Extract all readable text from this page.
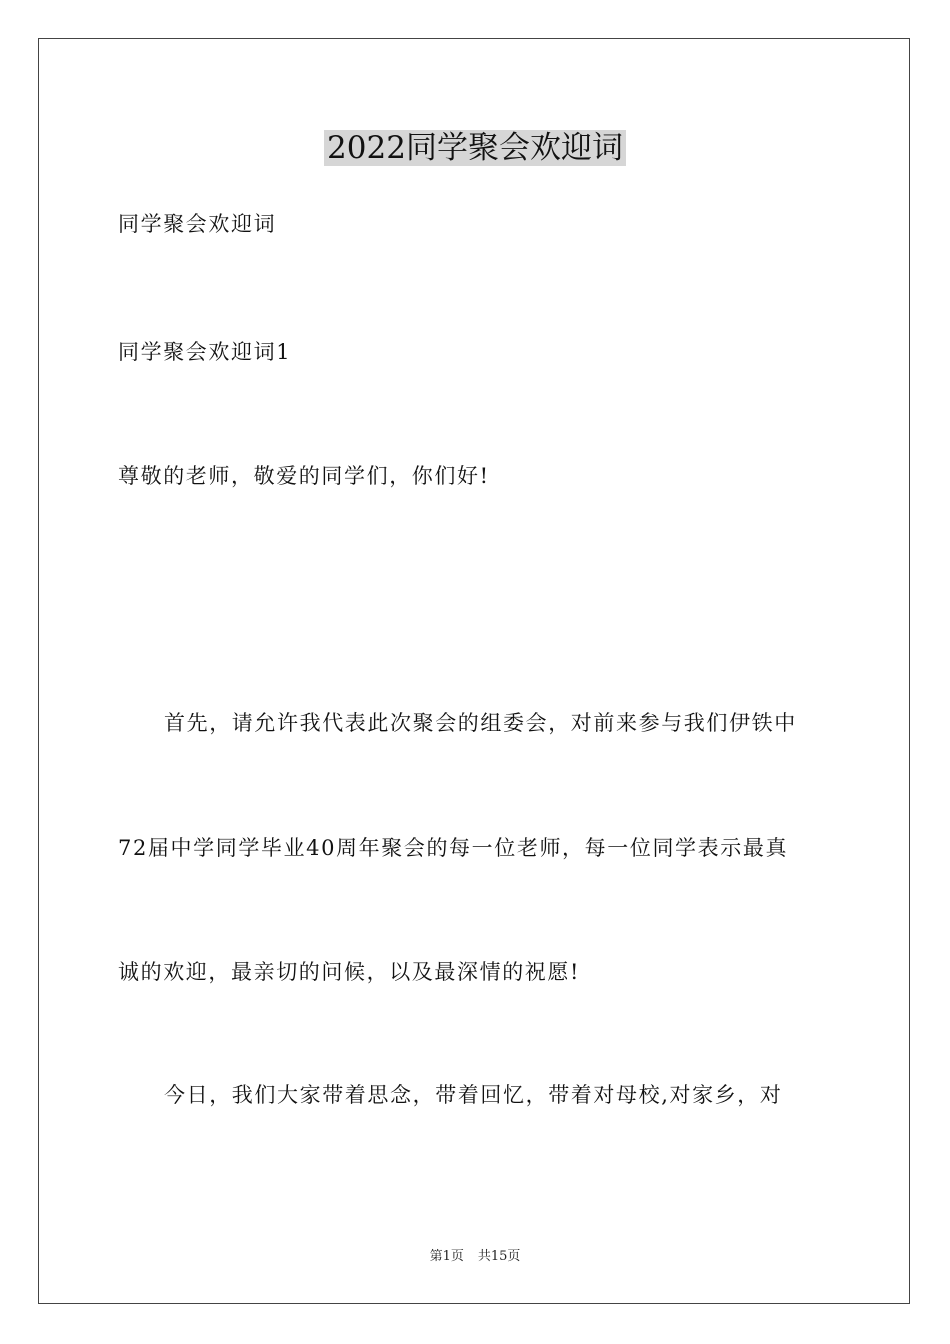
2022同学聚会欢迎词
同学聚会欢迎词
同学聚会欢迎词1
尊敬的老师，敬爱的同学们，你们好!
首先，请允许我代表此次聚会的组委会，对前来参与我们伊铁中
72届中学同学毕业40周年聚会的每一位老师，每一位同学表示最真
诚的欢迎，最亲切的问候，以及最深情的祝愿!
今日，我们大家带着思念，带着回忆，带着对母校,对家乡，对
第1页 共15页
